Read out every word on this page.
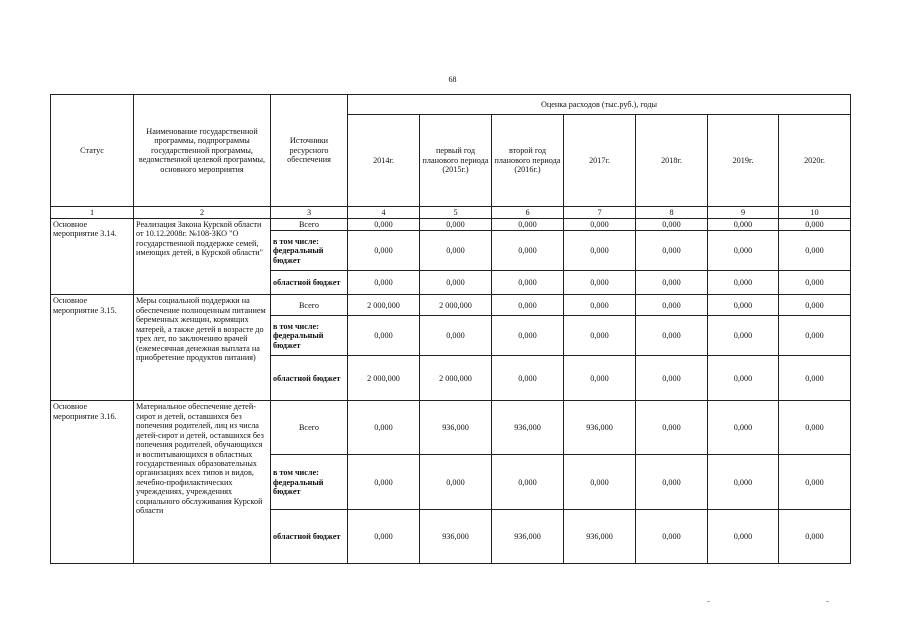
68
Статус	Наименование государственной программы, подпрограммы государственной программы, ведомственной целевой программы, основного мероприятия	Источники ресурсного обеспечения	Оценка расходов (тыс.руб.), годы						
			2014г.	первый год планового периода (2015г.)	второй год планового периода (2016г.)	2017г.	2018г.	2019г.	2020г.
1	2	3	4	5	6	7	8	9	10
Основное мероприятие 3.14.	Реализация Закона Курской области от 10.12.2008г. №108-ЗКО "О государственной поддержке семей, имеющих детей, в Курской области"	Всего	0,000	0,000	0,000	0,000	0,000	0,000	0,000
		в том числе: федеральный бюджет	0,000	0,000	0,000	0,000	0,000	0,000	0,000
		областной бюджет	0,000	0,000	0,000	0,000	0,000	0,000	0,000
Основное мероприятие 3.15.	Меры социальной поддержки на обеспечение полноценным питанием беременных женщин, кормящих матерей, а также детей в возрасте до трех лет, по заключению врачей (ежемесячная денежная выплата на приобретение продуктов питания)	Всего	2 000,000	2 000,000	0,000	0,000	0,000	0,000	0,000
		в том числе: федеральный бюджет	0,000	0,000	0,000	0,000	0,000	0,000	0,000
		областной бюджет	2 000,000	2 000,000	0,000	0,000	0,000	0,000	0,000
Основное мероприятие 3.16.	Материальное обеспечение детей-сирот и детей, оставшихся без попечения родителей, лиц из числа детей-сирот и детей, оставшихся без попечения родителей, обучающихся и воспитывающихся в областных государственных образовательных организациях всех типов и видов, лечебно-профилактических учреждениях, учреждениях социального обслуживания Курской области	Всего	0,000	936,000	936,000	936,000	0,000	0,000	0,000
		в том числе: федеральный бюджет	0,000	0,000	0,000	0,000	0,000	0,000	0,000
		областной бюджет	0,000	936,000	936,000	936,000	0,000	0,000	0,000
